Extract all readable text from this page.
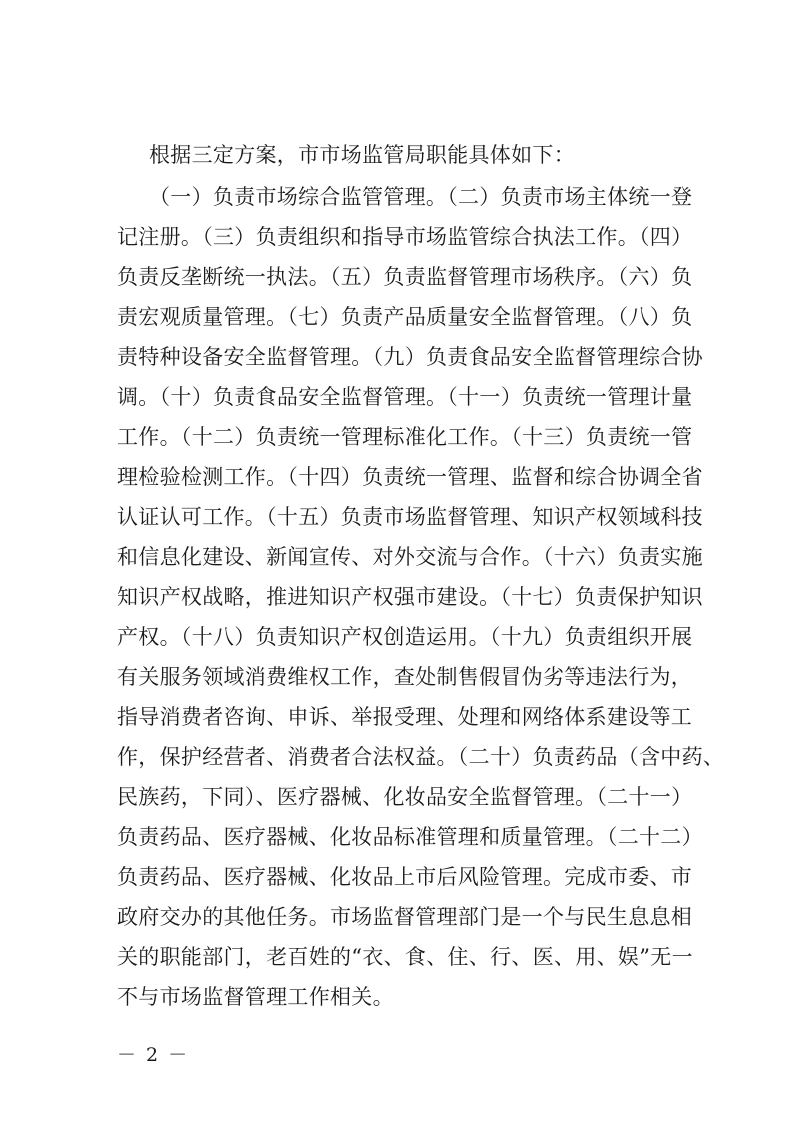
根据三定方案，市市场监管局职能具体如下：
（一）负责市场综合监管管理。（二）负责市场主体统一登
记注册。（三）负责组织和指导市场监管综合执法工作。（四）
负责反垄断统一执法。（五）负责监督管理市场秩序。（六）负
责宏观质量管理。（七）负责产品质量安全监督管理。（八）负
责特种设备安全监督管理。（九）负责食品安全监督管理综合协
调。（十）负责食品安全监督管理。（十一）负责统一管理计量
工作。（十二）负责统一管理标准化工作。（十三）负责统一管
理检验检测工作。（十四）负责统一管理、监督和综合协调全省
认证认可工作。（十五）负责市场监督管理、知识产权领域科技
和信息化建设、新闻宣传、对外交流与合作。（十六）负责实施
知识产权战略，推进知识产权强市建设。（十七）负责保护知识
产权。（十八）负责知识产权创造运用。（十九）负责组织开展
有关服务领域消费维权工作，查处制售假冒伪劣等违法行为，
指导消费者咨询、申诉、举报受理、处理和网络体系建设等工
作，保护经营者、消费者合法权益。（二十）负责药品（含中药、
民族药，下同）、医疗器械、化妆品安全监督管理。（二十一）
负责药品、医疗器械、化妆品标准管理和质量管理。（二十二）
负责药品、医疗器械、化妆品上市后风险管理。完成市委、市
政府交办的其他任务。市场监督管理部门是一个与民生息息相
关的职能部门，老百姓的“衣、食、住、行、医、用、娱”无一
不与市场监督管理工作相关。
－ 2 －
